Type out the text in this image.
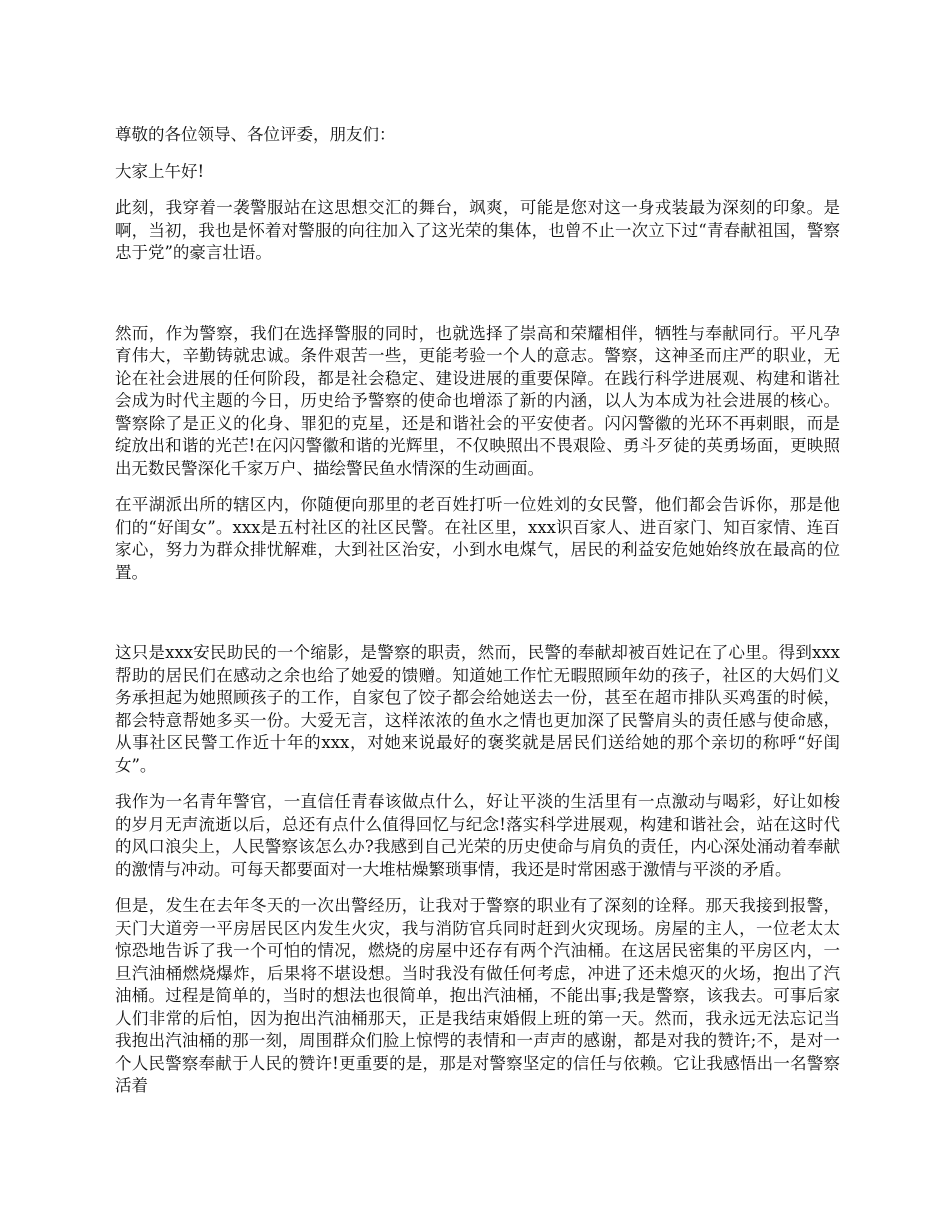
尊敬的各位领导、各位评委，朋友们：

大家上午好!

此刻，我穿着一袭警服站在这思想交汇的舞台，飒爽，可能是您对这一身戎装最为深刻的印象。是啊，当初，我也是怀着对警服的向往加入了这光荣的集体，也曾不止一次立下过“青春献祖国，警察忠于党”的豪言壮语。

然而，作为警察，我们在选择警服的同时，也就选择了崇高和荣耀相伴，牺牲与奉献同行。平凡孕育伟大，辛勤铸就忠诚。条件艰苦一些，更能考验一个人的意志。警察，这神圣而庄严的职业，无论在社会进展的任何阶段，都是社会稳定、建设进展的重要保障。在践行科学进展观、构建和谐社会成为时代主题的今日，历史给予警察的使命也增添了新的内涵，以人为本成为社会进展的核心。警察除了是正义的化身、罪犯的克星，还是和谐社会的平安使者。闪闪警徽的光环不再刺眼，而是绽放出和谐的光芒!在闪闪警徽和谐的光辉里，不仅映照出不畏艰险、勇斗歹徒的英勇场面，更映照出无数民警深化千家万户、描绘警民鱼水情深的生动画面。

在平湖派出所的辖区内，你随便向那里的老百姓打听一位姓刘的女民警，他们都会告诉你，那是他们的“好闺女”。xxx是五村社区的社区民警。在社区里，xxx识百家人、进百家门、知百家情、连百家心，努力为群众排忧解难，大到社区治安，小到水电煤气，居民的利益安危她始终放在最高的位置。

这只是xxx安民助民的一个缩影，是警察的职责，然而，民警的奉献却被百姓记在了心里。得到xxx帮助的居民们在感动之余也给了她爱的馈赠。知道她工作忙无暇照顾年幼的孩子，社区的大妈们义务承担起为她照顾孩子的工作，自家包了饺子都会给她送去一份，甚至在超市排队买鸡蛋的时候，都会特意帮她多买一份。大爱无言，这样浓浓的鱼水之情也更加深了民警肩头的责任感与使命感，从事社区民警工作近十年的xxx，对她来说最好的褒奖就是居民们送给她的那个亲切的称呼“好闺女”。

我作为一名青年警官，一直信任青春该做点什么，好让平淡的生活里有一点激动与喝彩，好让如梭的岁月无声流逝以后，总还有点什么值得回忆与纪念!落实科学进展观，构建和谐社会，站在这时代的风口浪尖上，人民警察该怎么办?我感到自己光荣的历史使命与肩负的责任，内心深处涌动着奉献的激情与冲动。可每天都要面对一大堆枯燥繁琐事情，我还是时常困惑于激情与平淡的矛盾。

但是，发生在去年冬天的一次出警经历，让我对于警察的职业有了深刻的诠释。那天我接到报警，天门大道旁一平房居民区内发生火灾，我与消防官兵同时赶到火灾现场。房屋的主人，一位老太太惊恐地告诉了我一个可怕的情况，燃烧的房屋中还存有两个汽油桶。在这居民密集的平房区内，一旦汽油桶燃烧爆炸，后果将不堪设想。当时我没有做任何考虑，冲进了还未熄灭的火场，抱出了汽油桶。过程是简单的，当时的想法也很简单，抱出汽油桶，不能出事;我是警察，该我去。可事后家人们非常的后怕，因为抱出汽油桶那天，正是我结束婚假上班的第一天。然而，我永远无法忘记当我抱出汽油桶的那一刻，周围群众们脸上惊愕的表情和一声声的感谢，都是对我的赞许;不，是对一个人民警察奉献于人民的赞许!更重要的是，那是对警察坚定的信任与依赖。它让我感悟出一名警察活着
